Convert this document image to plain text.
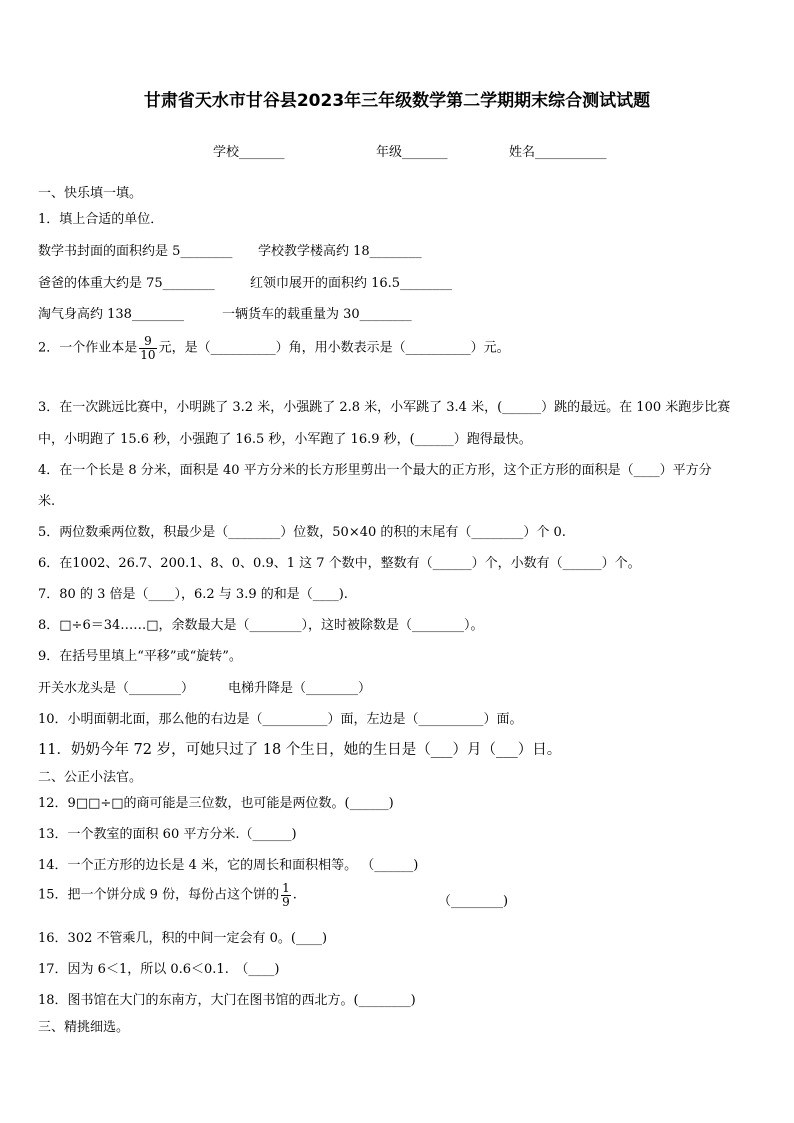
甘肃省天水市甘谷县2023年三年级数学第二学期期末综合测试试题
学校_______	年级_______	姓名___________
一、快乐填一填。
1．填上合适的单位．
数学书封面的面积约是 5________ 学校教学楼高约 18________
爸爸的体重大约是 75________	红领巾展开的面积约 16.5________
淘气身高约 138________	一辆货车的载重量为 30________
2．一个作业本是 $\frac{9}{10}$ 元，是（__________）角，用小数表示是（__________）元。
3．在一次跳远比赛中，小明跳了 3.2 米，小强跳了 2.8 米，小军跳了 3.4 米，(______）跳的最远。在 100 米跑步比赛
中，小明跑了 15.6 秒，小强跑了 16.5 秒，小军跑了 16.9 秒，(______）跑得最快。
4．在一个长是 8 分米，面积是 40 平方分米的长方形里剪出一个最大的正方形，这个正方形的面积是（____）平方分
米.
5．两位数乘两位数，积最少是（________）位数，50×40 的积的末尾有（________）个 0.
6．在1002、26.7、200.1、8、0、0.9、1 这 7 个数中，整数有（______）个，小数有（______）个。
7．80 的 3 倍是（____），6.2 与 3.9 的和是（____).
8．□÷6＝34……□，余数最大是（________），这时被除数是（________）。
9．在括号里填上“平移”或“旋转”。
开关水龙头是（________）	电梯升降是（________）
10．小明面朝北面，那么他的右边是（__________）面，左边是（__________）面。
11．奶奶今年 72 岁，可她只过了 18 个生日，她的生日是（___）月（___）日。
二、公正小法官。
12．9□□÷□的商可能是三位数，也可能是两位数。(______)
13．一个教室的面积 60 平方分米.（______)
14．一个正方形的边长是 4 米，它的周长和面积相等。 （______)
15．把一个饼分成 9 份，每份占这个饼的 $\frac{1}{9}$ .	（________)
16．302 不管乘几，积的中间一定会有 0。(____)
17．因为 6＜1，所以 0.6＜0.1.　（____)
18．图书馆在大门的东南方，大门在图书馆的西北方。(________)
三、精挑细选。
